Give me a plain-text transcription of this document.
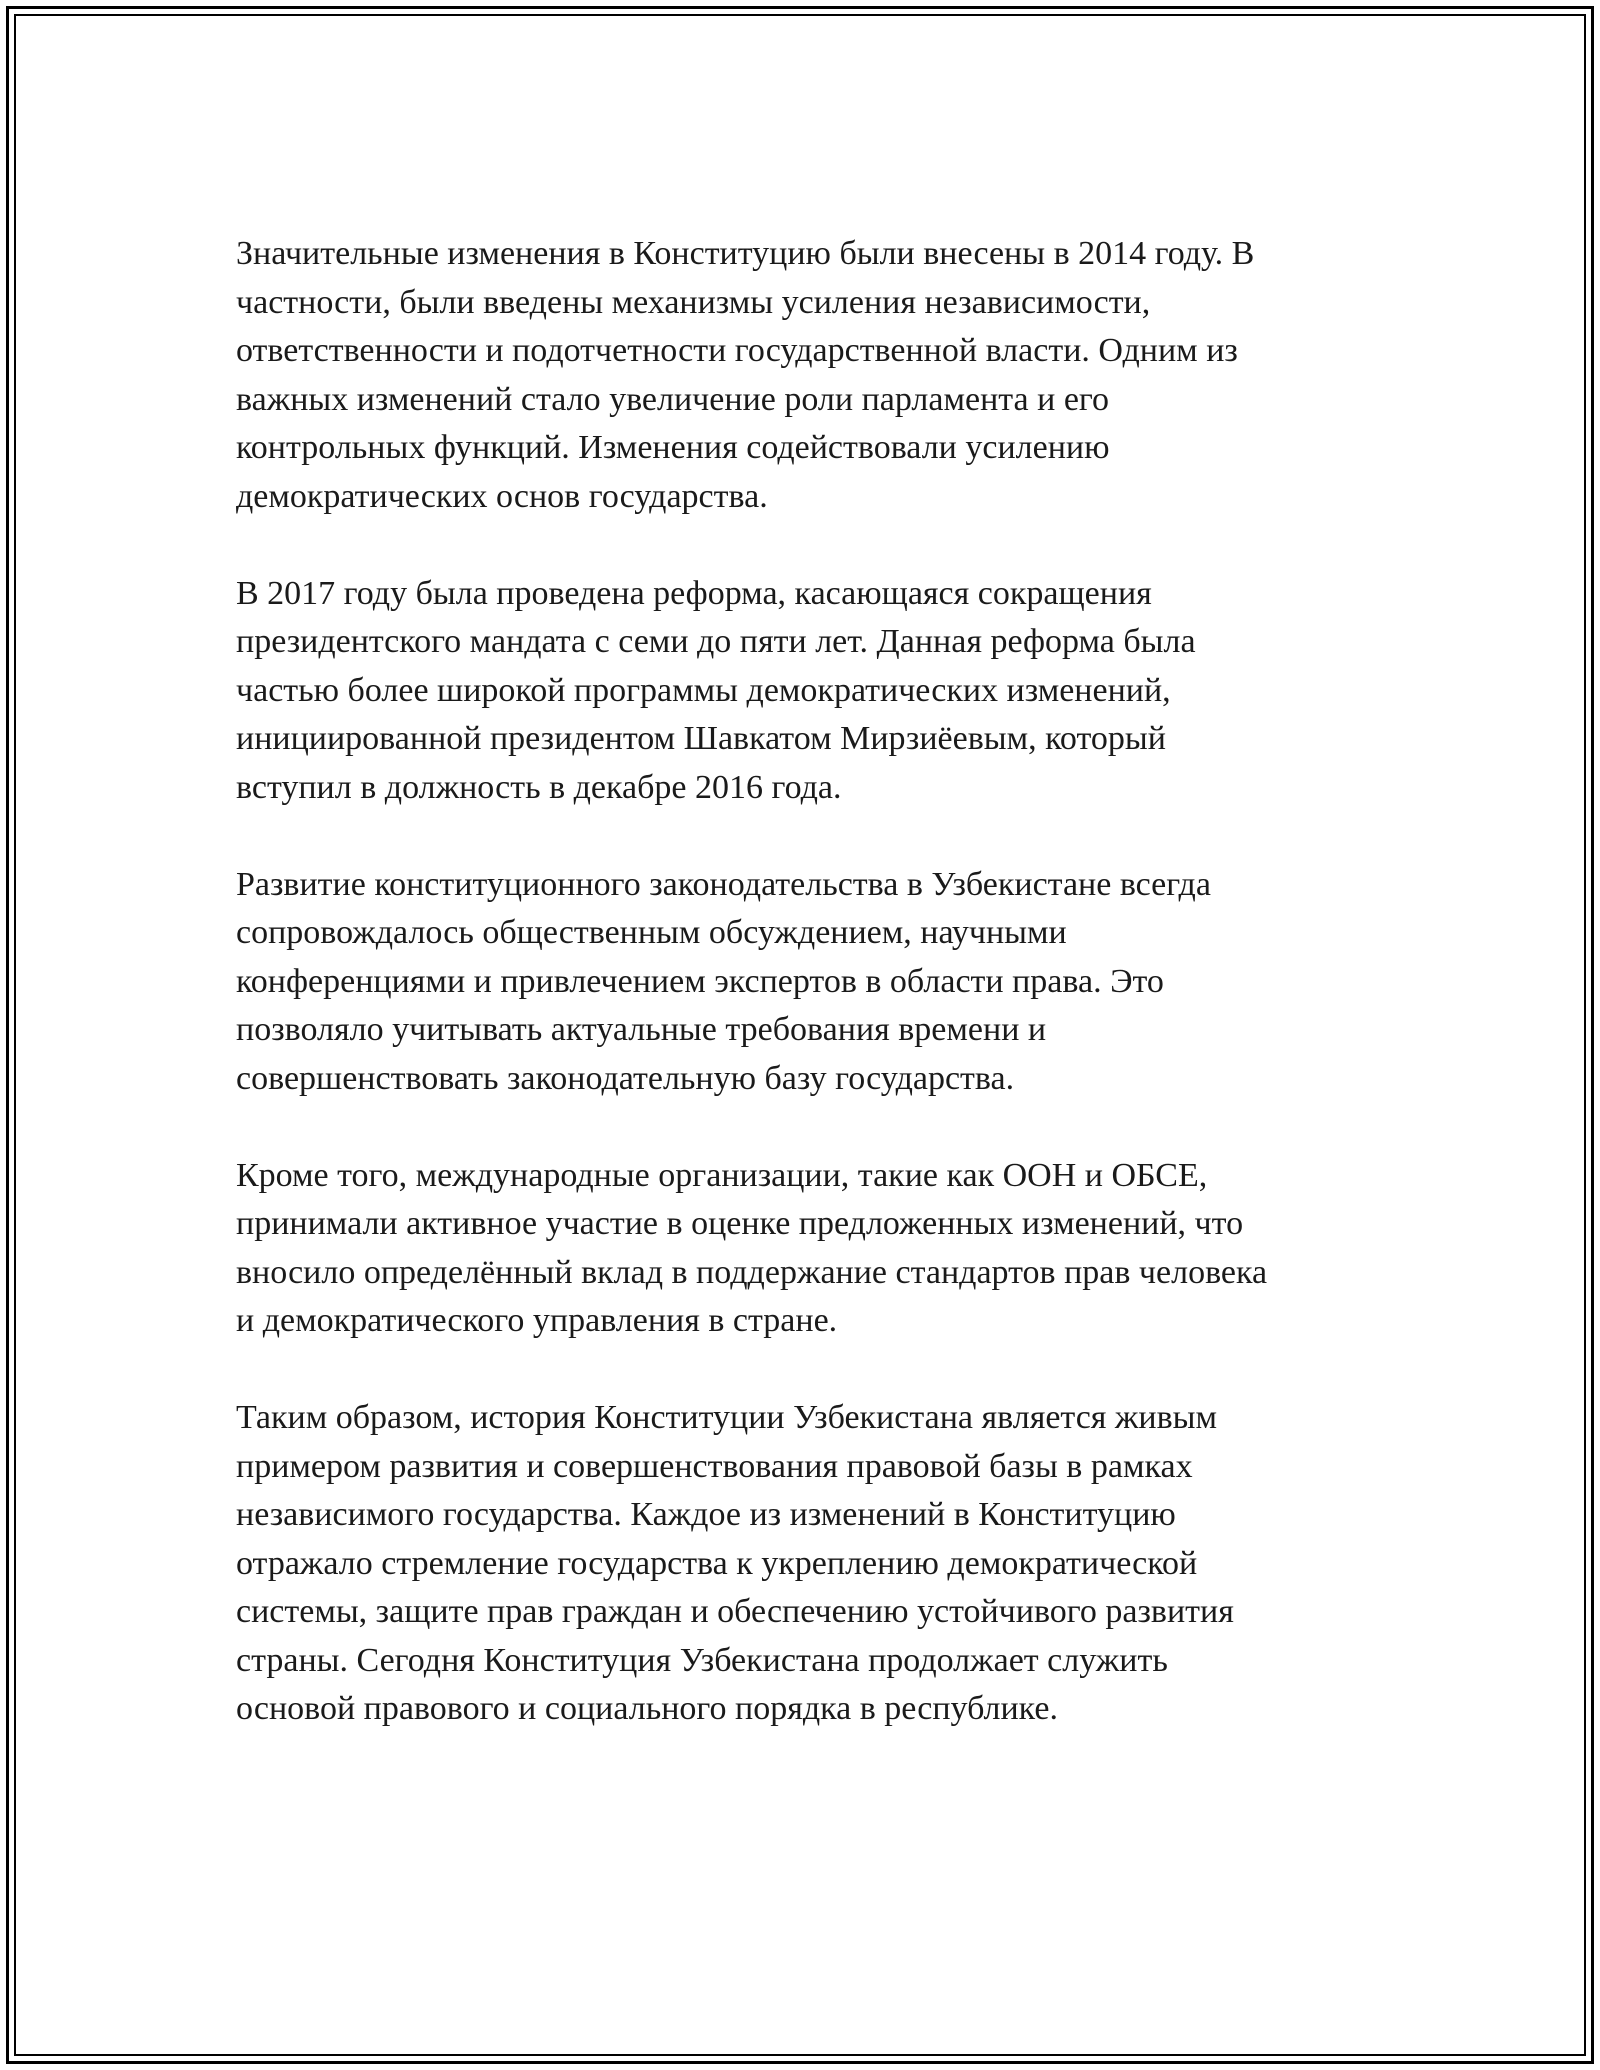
Значительные изменения в Конституцию были внесены в 2014 году. В
частности, были введены механизмы усиления независимости,
ответственности и подотчетности государственной власти. Одним из
важных изменений стало увеличение роли парламента и его
контрольных функций. Изменения содействовали усилению
демократических основ государства.

В 2017 году была проведена реформа, касающаяся сокращения
президентского мандата с семи до пяти лет. Данная реформа была
частью более широкой программы демократических изменений,
инициированной президентом Шавкатом Мирзиёевым, который
вступил в должность в декабре 2016 года.

Развитие конституционного законодательства в Узбекистане всегда
сопровождалось общественным обсуждением, научными
конференциями и привлечением экспертов в области права. Это
позволяло учитывать актуальные требования времени и
совершенствовать законодательную базу государства.

Кроме того, международные организации, такие как ООН и ОБСЕ,
принимали активное участие в оценке предложенных изменений, что
вносило определённый вклад в поддержание стандартов прав человека
и демократического управления в стране.

Таким образом, история Конституции Узбекистана является живым
примером развития и совершенствования правовой базы в рамках
независимого государства. Каждое из изменений в Конституцию
отражало стремление государства к укреплению демократической
системы, защите прав граждан и обеспечению устойчивого развития
страны. Сегодня Конституция Узбекистана продолжает служить
основой правового и социального порядка в республике.
